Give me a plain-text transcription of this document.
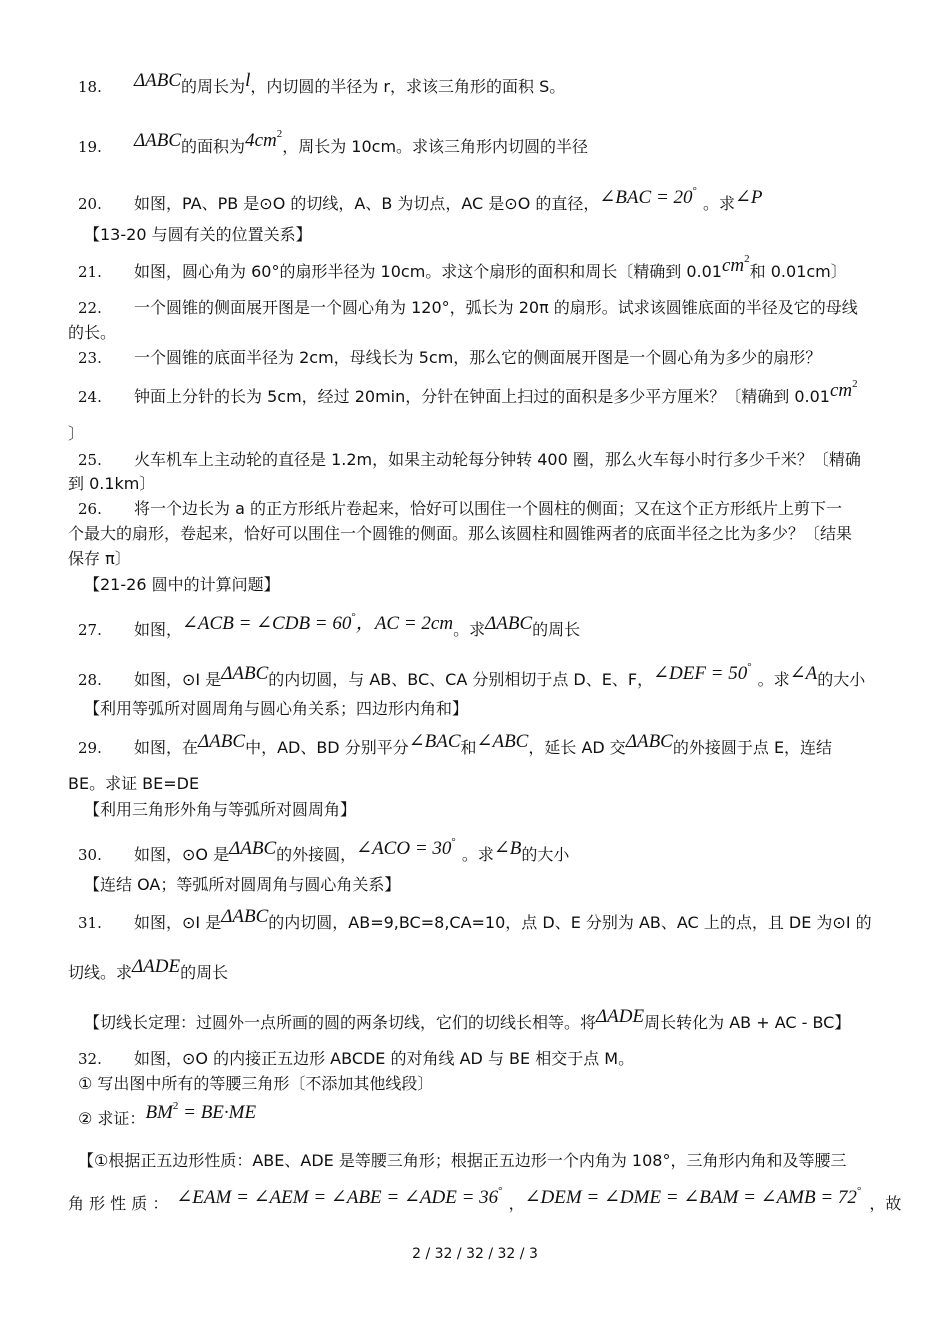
18. ΔABC的周长为l，内切圆的半径为 r，求该三角形的面积 S。
19. ΔABC的面积为$4cm^2$，周长为 10cm。求该三角形内切圆的半径
20. 如图，PA、PB 是⊙O 的切线，A、B 为切点，AC 是⊙O 的直径，∠BAC = 20°。求∠P
【13-20 与圆有关的位置关系】
21. 如图，圆心角为 60°的扇形半径为 10cm。求这个扇形的面积和周长〔精确到 $0.01cm^2$和 0.01cm〕
22. 一个圆锥的侧面展开图是一个圆心角为 120°，弧长为 20π 的扇形。试求该圆锥底面的半径及它的母线
的长。
23. 一个圆锥的底面半径为 2cm，母线长为 5cm，那么它的侧面展开图是一个圆心角为多少的扇形？
24. 钟面上分针的长为 5cm，经过 20min，分针在钟面上扫过的面积是多少平方厘米？〔精确到 $0.01cm^2$
〕
25. 火车机车上主动轮的直径是 1.2m，如果主动轮每分钟转 400 圈，那么火车每小时行多少千米？〔精确
到 0.1km〕
26. 将一个边长为 a 的正方形纸片卷起来，恰好可以围住一个圆柱的侧面；又在这个正方形纸片上剪下一
个最大的扇形，卷起来，恰好可以围住一个圆锥的侧面。那么该圆柱和圆锥两者的底面半径之比为多少？〔结果
保存 π〕
【21-26 圆中的计算问题】
27. 如图，∠ACB = ∠CDB = 60°，AC = 2cm。求ΔABC的周长
28. 如图，⊙I 是ΔABC的内切圆，与 AB、BC、CA 分别相切于点 D、E、F，∠DEF = 50°。求∠A的大小
【利用等弧所对圆周角与圆心角关系；四边形内角和】
29. 如图，在ΔABC中，AD、BD 分别平分∠BAC和∠ABC，延长 AD 交ΔABC的外接圆于点 E，连结
BE。求证 BE=DE
【利用三角形外角与等弧所对圆周角】
30. 如图，⊙O 是ΔABC的外接圆，∠ACO = 30°。求∠B的大小
【连结 OA；等弧所对圆周角与圆心角关系】
31. 如图，⊙I 是ΔABC的内切圆，AB=9,BC=8,CA=10，点 D、E 分别为 AB、AC 上的点，且 DE 为⊙I 的
切线。求ΔADE的周长
【切线长定理：过圆外一点所画的圆的两条切线，它们的切线长相等。将ΔADE周长转化为 AB + AC - BC】
32. 如图，⊙O 的内接正五边形 ABCDE 的对角线 AD 与 BE 相交于点 M。
① 写出图中所有的等腰三角形〔不添加其他线段〕
② 求证：$BM^2 = BE\cdot ME$
【①根据正五边形性质：ABE、ADE 是等腰三角形；根据正五边形一个内角为 108°，三角形内角和及等腰三
角 形 性 质 ： ∠EAM = ∠AEM = ∠ABE = ∠ADE = 36°，∠DEM = ∠DME = ∠BAM = ∠AMB = 72°，故
2 / 32 / 32 / 32 / 3
